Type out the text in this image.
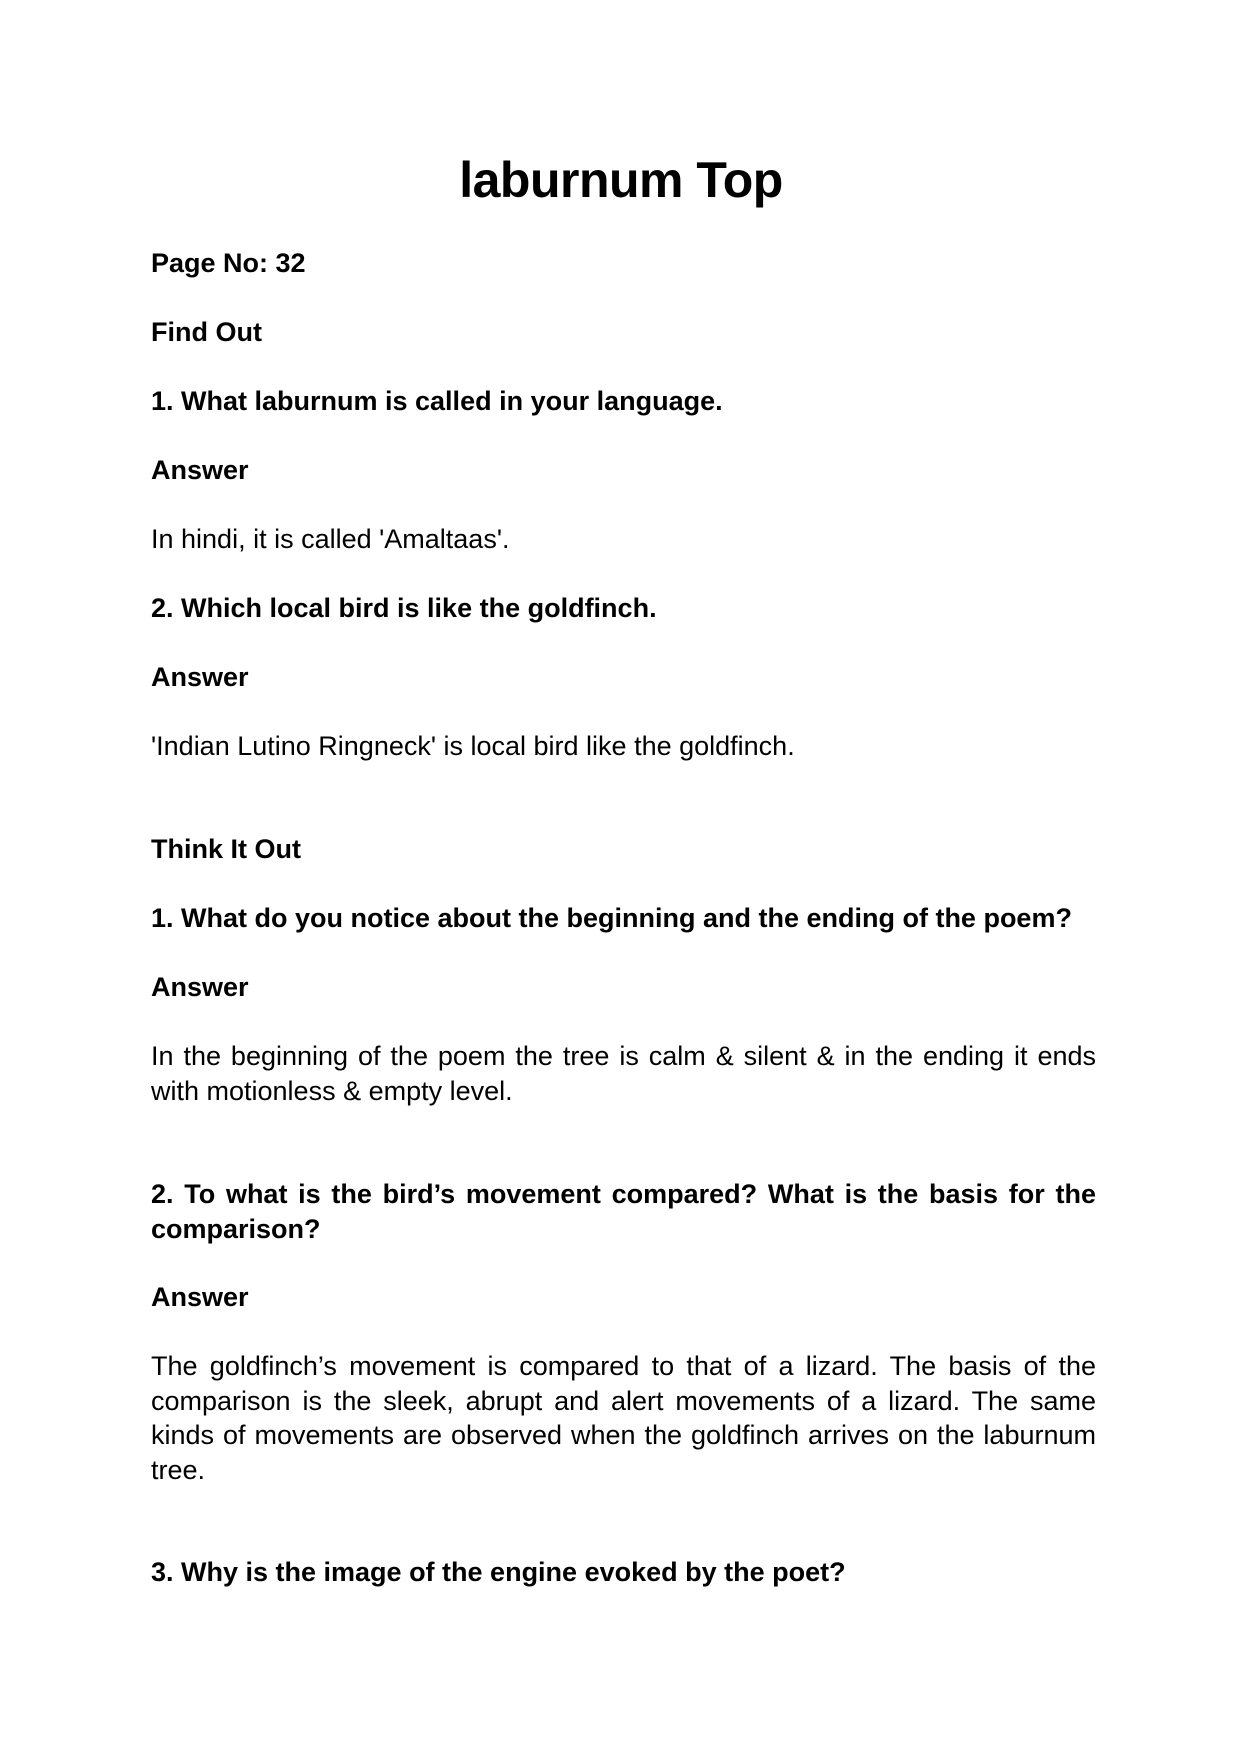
laburnum Top

Page No: 32

Find Out

1. What laburnum is called in your language.

Answer

In hindi, it is called 'Amaltaas'.

2. Which local bird is like the goldfinch.

Answer

'Indian Lutino Ringneck' is local bird like the goldfinch.

Think It Out

1. What do you notice about the beginning and the ending of the poem?

Answer

In the beginning of the poem the tree is calm & silent & in the ending it ends with motionless & empty level.

2. To what is the bird’s movement compared? What is the basis for the comparison?

Answer

The goldfinch’s movement is compared to that of a lizard. The basis of the comparison is the sleek, abrupt and alert movements of a lizard. The same kinds of movements are observed when the goldfinch arrives on the laburnum tree.

3. Why is the image of the engine evoked by the poet?
